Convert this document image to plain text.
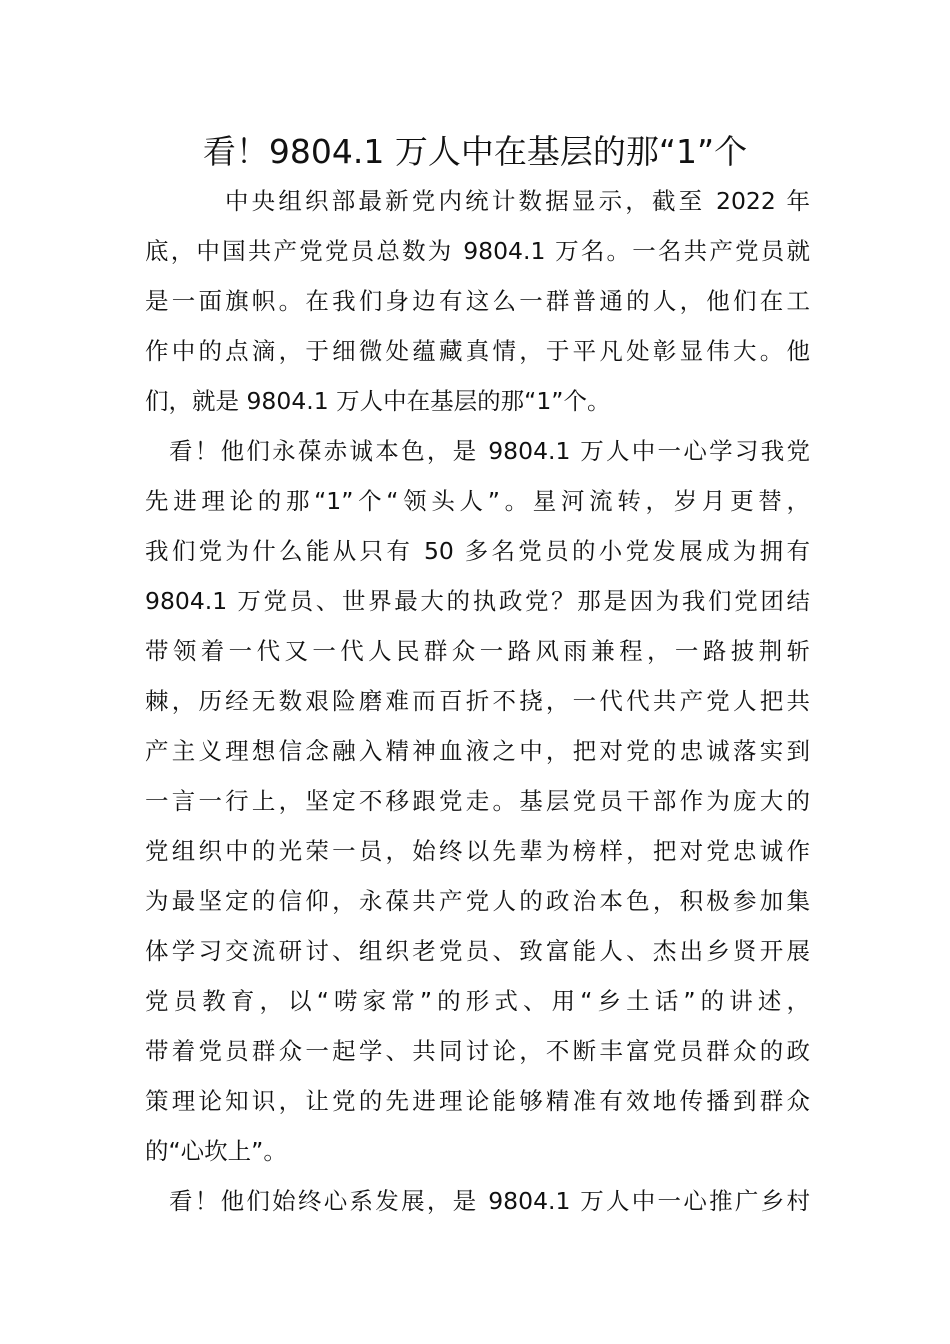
看！9804.1 万人中在基层的那“1”个
中央组织部最新党内统计数据显示，截至 2022 年
底，中国共产党党员总数为 9804.1 万名。一名共产党员就
是一面旗帜。在我们身边有这么一群普通的人，他们在工
作中的点滴，于细微处蕴藏真情，于平凡处彰显伟大。他
们，就是 9804.1 万人中在基层的那“1”个。
看！他们永葆赤诚本色，是 9804.1 万人中一心学习我党
先进理论的那“1”个“领头人”。星河流转，岁月更替，
我们党为什么能从只有 50 多名党员的小党发展成为拥有
9804.1 万党员、世界最大的执政党？那是因为我们党团结
带领着一代又一代人民群众一路风雨兼程，一路披荆斩
棘，历经无数艰险磨难而百折不挠，一代代共产党人把共
产主义理想信念融入精神血液之中，把对党的忠诚落实到
一言一行上，坚定不移跟党走。基层党员干部作为庞大的
党组织中的光荣一员，始终以先辈为榜样，把对党忠诚作
为最坚定的信仰，永葆共产党人的政治本色，积极参加集
体学习交流研讨、组织老党员、致富能人、杰出乡贤开展
党员教育，以“唠家常”的形式、用“乡土话”的讲述，
带着党员群众一起学、共同讨论，不断丰富党员群众的政
策理论知识，让党的先进理论能够精准有效地传播到群众
的“心坎上”。
看！他们始终心系发展，是 9804.1 万人中一心推广乡村
